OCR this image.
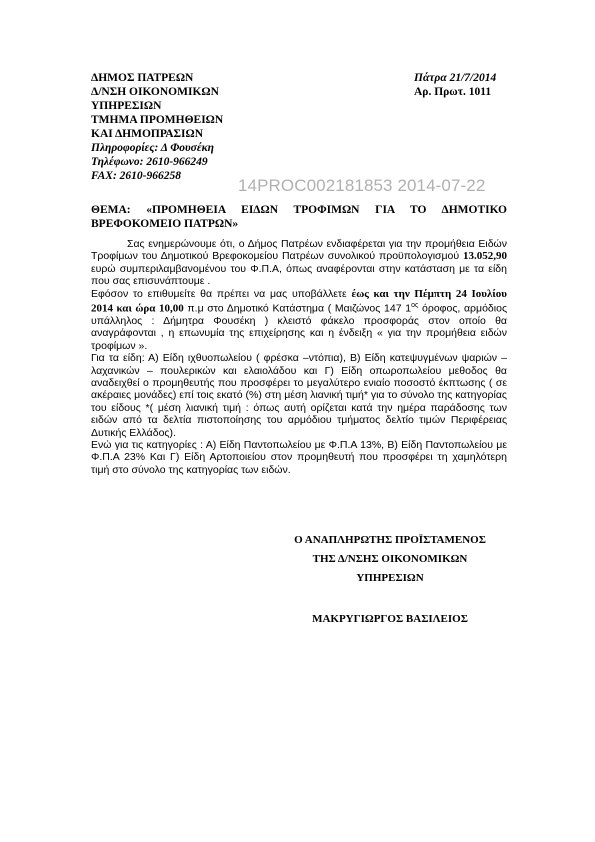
ΔΗΜΟΣ ΠΑΤΡΕΩΝ
Δ/ΝΣΗ ΟΙΚΟΝΟΜΙΚΩΝ
ΥΠΗΡΕΣΙΩΝ
ΤΜΗΜΑ ΠΡΟΜΗΘΕΙΩΝ
ΚΑΙ ΔΗΜΟΠΡΑΣΙΩΝ
Πάτρα 21/7/2014
Αρ. Πρωτ. 1011
Πληροφορίες: Δ Φουσέκη
Τηλέφωνο: 2610-966249
FAX: 2610-966258	14PROC002181853 2014-07-22
ΘΕΜΑ: «ΠΡΟΜΗΘΕΙΑ ΕΙΔΩΝ ΤΡΟΦΙΜΩΝ ΓΙΑ ΤΟ ΔΗΜΟΤΙΚΟ ΒΡΕΦΟΚΟΜΕΙΟ ΠΑΤΡΩΝ»

Σας ενημερώνουμε ότι, ο Δήμος Πατρέων ενδιαφέρεται για την προμήθεια Ειδών Τροφίμων του Δημοτικού Βρεφοκομείου Πατρέων συνολικού προϋπολογισμού 13.052,90 ευρώ συμπεριλαμβανομένου του Φ.Π.Α, όπως αναφέρονται στην κατάσταση με τα είδη που σας επισυνάπτουμε .

Εφόσον το επιθυμείτε θα πρέπει να μας υποβάλλετε έως και την Πέμπτη 24 Ιουλίου 2014 και ώρα 10,00 π.μ στο Δημοτικό Κατάστημα ( Μαιζώνος 147 $1^{o\varsigma}$ όροφος, αρμόδιος υπάλληλος : Δήμητρα Φουσέκη ) κλειστό φάκελο προσφοράς στον οποίο θα αναγράφονται , η επωνυμία της επιχείρησης και η ένδειξη « για την προμήθεια ειδών τροφίμων ».

Για τα είδη: Α) Είδη ιχθυοπωλείου ( φρέσκα –ντόπια), Β) Είδη κατεψυγμένων ψαριών –λαχανικών – πουλερικών και ελαιολάδου και Γ) Είδη οπωροπωλείου μεθοδος θα αναδειχθεί ο προμηθευτής που προσφέρει το μεγαλύτερο ενιαίο ποσοστό έκπτωσης ( σε ακέραιες μονάδες) επί τοις εκατό (%) στη μέση λιανική τιμή* για το σύνολο της κατηγορίας του είδους *( μέση λιανική τιμή : όπως αυτή ορίζεται κατά την ημέρα παράδοσης των ειδών από τα δελτία πιστοποίησης του αρμόδιου τμήματος δελτίο τιμών Περιφέρειας Δυτικής Ελλάδος).

Ενώ για τις κατηγορίες : Α) Είδη Παντοπωλείου με Φ.Π.Α 13%, Β) Είδη Παντοπωλείου με Φ.Π.Α 23% Και Γ) Είδη Αρτοποιείου στον προμηθευτή που προσφέρει τη χαμηλότερη τιμή στο σύνολο της κατηγορίας των ειδών.

Ο ΑΝΑΠΛΗΡΩΤΗΣ ΠΡΟΪΣΤΑΜΕΝΟΣ
ΤΗΣ Δ/ΝΣΗΣ ΟΙΚΟΝΟΜΙΚΩΝ
ΥΠΗΡΕΣΙΩΝ
ΜΑΚΡΥΓΙΩΡΓΟΣ ΒΑΣΙΛΕΙΟΣ
